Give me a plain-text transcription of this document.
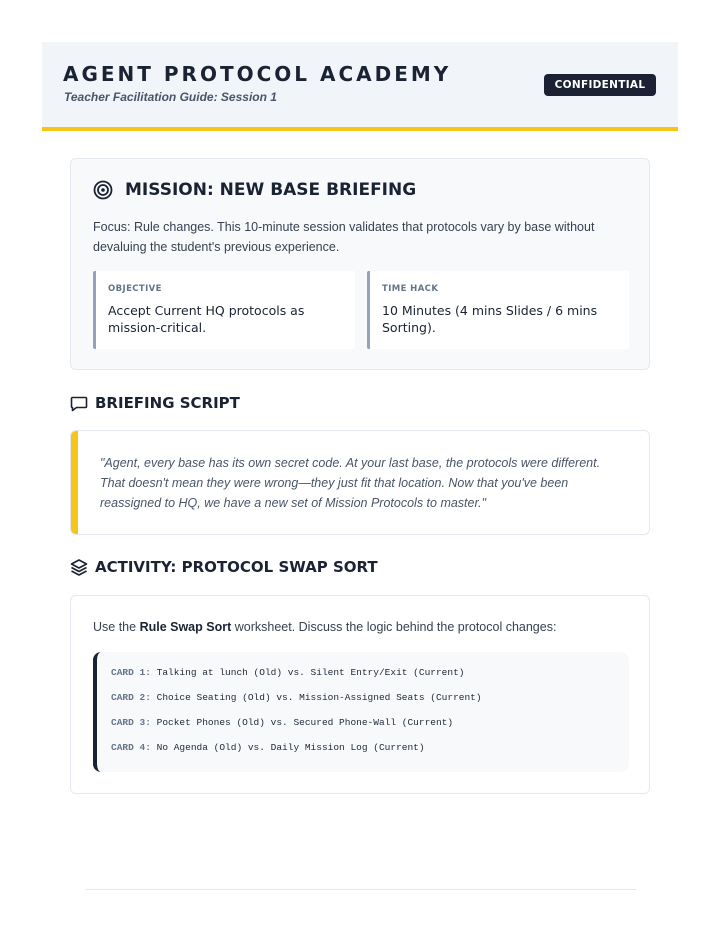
AGENT PROTOCOL ACADEMY
Teacher Facilitation Guide: Session 1
CONFIDENTIAL
MISSION: NEW BASE BRIEFING
Focus: Rule changes. This 10-minute session validates that protocols vary by base without devaluing the student's previous experience.
OBJECTIVE
Accept Current HQ protocols as mission-critical.
TIME HACK
10 Minutes (4 mins Slides / 6 mins Sorting).
BRIEFING SCRIPT
"Agent, every base has its own secret code. At your last base, the protocols were different. That doesn't mean they were wrong—they just fit that location. Now that you've been reassigned to HQ, we have a new set of Mission Protocols to master."
ACTIVITY: PROTOCOL SWAP SORT
Use the Rule Swap Sort worksheet. Discuss the logic behind the protocol changes:
CARD 1: Talking at lunch (Old) vs. Silent Entry/Exit (Current)
CARD 2: Choice Seating (Old) vs. Mission-Assigned Seats (Current)
CARD 3: Pocket Phones (Old) vs. Secured Phone-Wall (Current)
CARD 4: No Agenda (Old) vs. Daily Mission Log (Current)
